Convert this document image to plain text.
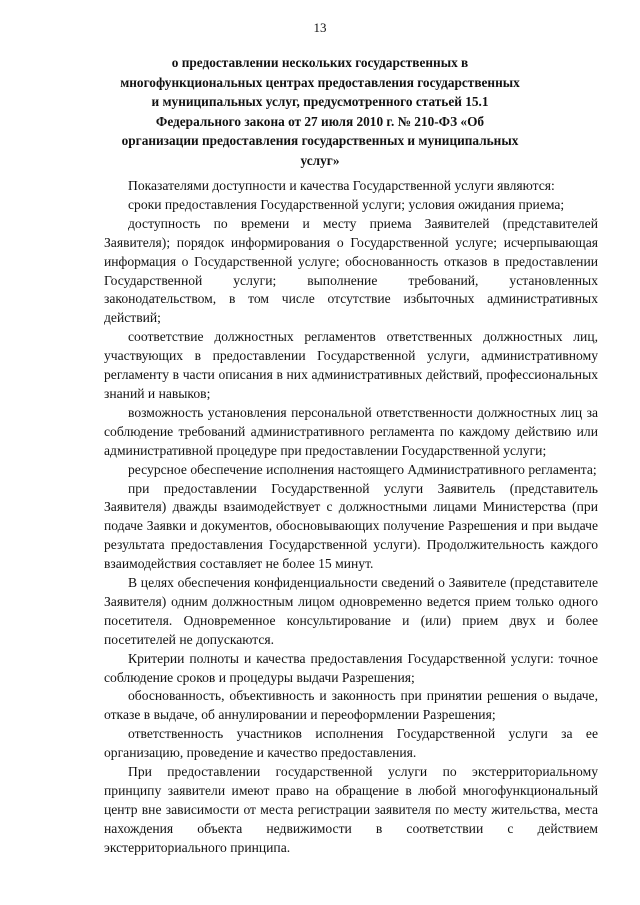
13
о предоставлении нескольких государственных в многофункциональных центрах предоставления государственных и муниципальных услуг, предусмотренного статьей 15.1 Федерального закона от 27 июля 2010 г. № 210-ФЗ «Об организации предоставления государственных и муниципальных услуг»

Показателями доступности и качества Государственной услуги являются:

сроки предоставления Государственной услуги; условия ожидания приема;

доступность по времени и месту приема Заявителей (представителей Заявителя); порядок информирования о Государственной услуге; исчерпывающая информация о Государственной услуге; обоснованность отказов в предоставлении Государственной услуги; выполнение требований, установленных законодательством, в том числе отсутствие избыточных административных действий;

соответствие должностных регламентов ответственных должностных лиц, участвующих в предоставлении Государственной услуги, административному регламенту в части описания в них административных действий, профессиональных знаний и навыков;

возможность установления персональной ответственности должностных лиц за соблюдение требований административного регламента по каждому действию или административной процедуре при предоставлении Государственной услуги;

ресурсное обеспечение исполнения настоящего Административного регламента;

при предоставлении Государственной услуги Заявитель (представитель Заявителя) дважды взаимодействует с должностными лицами Министерства (при подаче Заявки и документов, обосновывающих получение Разрешения и при выдаче результата предоставления Государственной услуги). Продолжительность каждого взаимодействия составляет не более 15 минут.

В целях обеспечения конфиденциальности сведений о Заявителе (представителе Заявителя) одним должностным лицом одновременно ведется прием только одного посетителя. Одновременное консультирование и (или) прием двух и более посетителей не допускаются.

Критерии полноты и качества предоставления Государственной услуги: точное соблюдение сроков и процедуры выдачи Разрешения;

обоснованность, объективность и законность при принятии решения о выдаче, отказе в выдаче, об аннулировании и переоформлении Разрешения;

ответственность участников исполнения Государственной услуги за ее организацию, проведение и качество предоставления.

При предоставлении государственной услуги по экстерриториальному принципу заявители имеют право на обращение в любой многофункциональный центр вне зависимости от места регистрации заявителя по месту жительства, места нахождения объекта недвижимости в соответствии с действием экстерриториального принципа.
